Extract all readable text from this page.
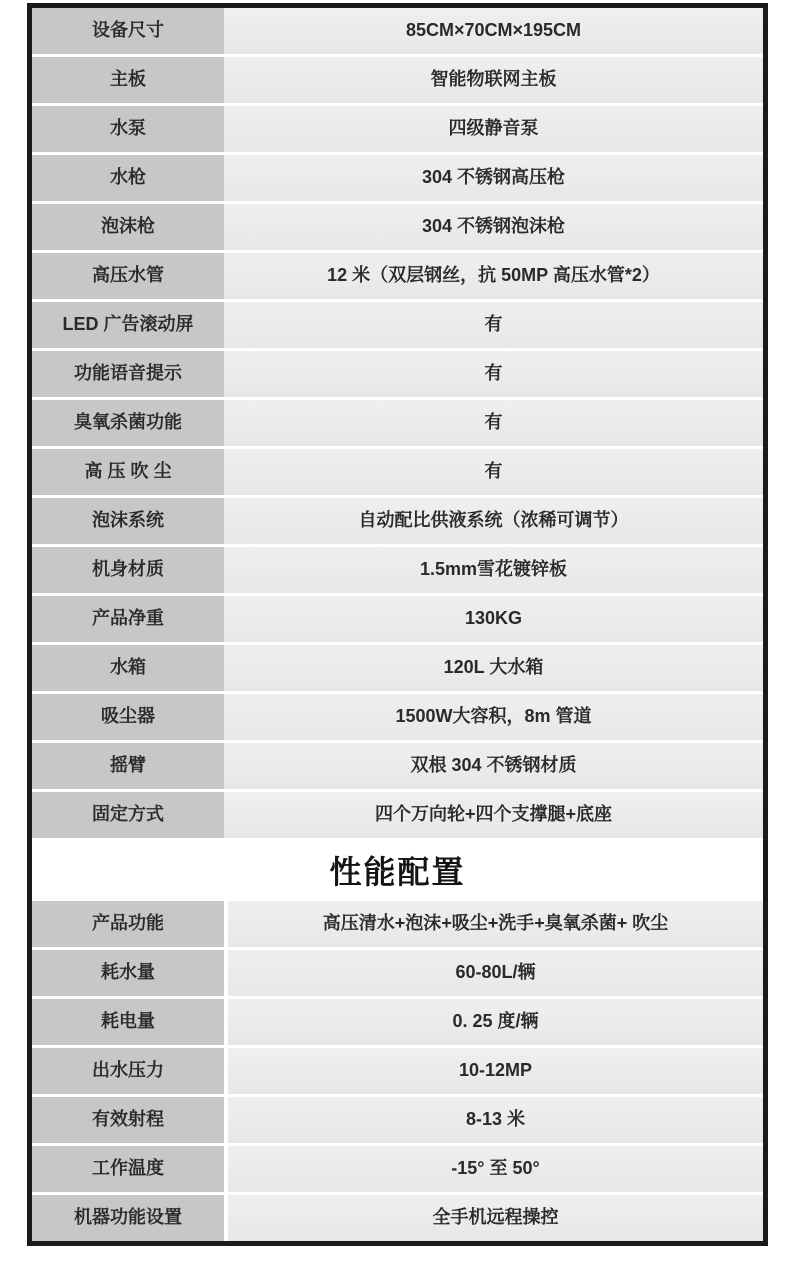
设备尺寸	85CM×70CM×195CM
主板	智能物联网主板
水泵	四级静音泵
水枪	304 不锈钢高压枪
泡沫枪	304 不锈钢泡沫枪
高压水管	12 米（双层钢丝，抗 50MP 高压水管*2）
LED 广告滚动屏	有
功能语音提示	有
臭氧杀菌功能	有
高 压 吹 尘	有
泡沫系统	自动配比供液系统（浓稀可调节）
机身材质	1.5mm雪花镀锌板
产品净重	130KG
水箱	120L 大水箱
吸尘器	1500W大容积，8m 管道
摇臂	双根 304 不锈钢材质
固定方式	四个万向轮+四个支撑腿+底座
性能配置
产品功能	高压清水+泡沫+吸尘+洗手+臭氧杀菌+ 吹尘
耗水量	60-80L/辆
耗电量	0. 25 度/辆
出水压力	10-12MP
有效射程	8-13 米
工作温度	-15° 至 50°
机器功能设置	全手机远程操控
